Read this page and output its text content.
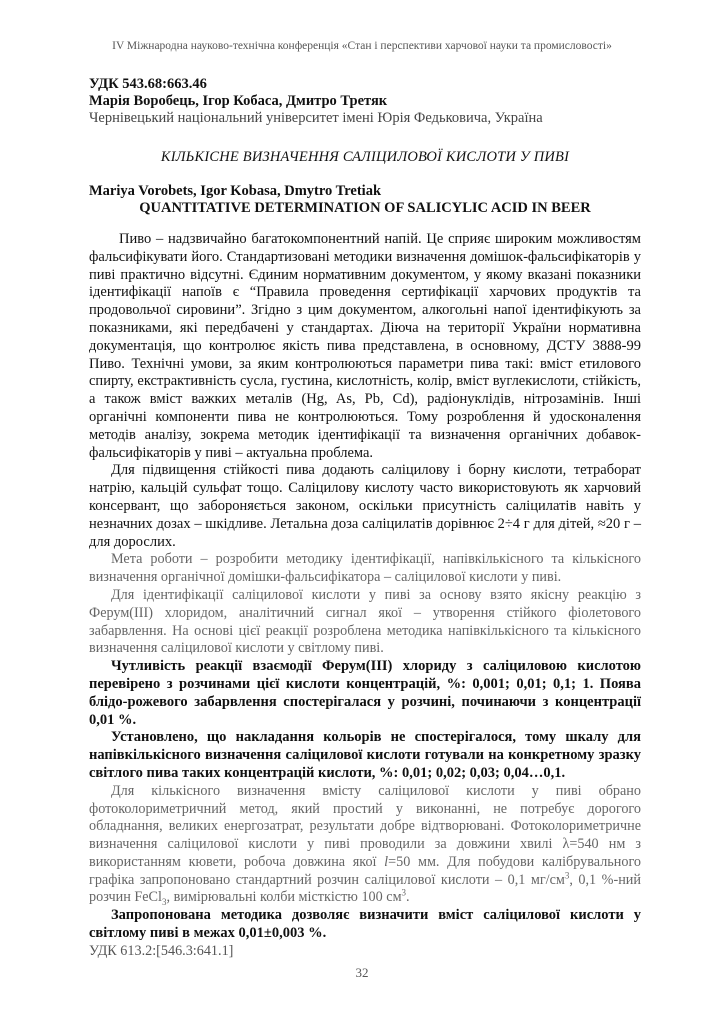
IV Міжнародна науково-технічна конференція «Стан і перспективи харчової науки та промисловості»
УДК 543.68:663.46
Марія Воробець, Ігор Кобаса, Дмитро Третяк
Чернівецький національний університет імені Юрія Федьковича, Україна
КІЛЬКІСНЕ ВИЗНАЧЕННЯ САЛІЦИЛОВОЇ КИСЛОТИ У ПИВІ
Mariya Vorobets, Igor Kobasa, Dmytro Tretiak
QUANTITATIVE DETERMINATION OF SALICYLIC ACID IN BEER

Пиво – надзвичайно багатокомпонентний напій. Це сприяє широким можливостям фальсифікувати його. Стандартизовані методики визначення домішок-фальсифікаторів у пиві практично відсутні. Єдиним нормативним документом, у якому вказані показники ідентифікації напоїв є “Правила проведення сертифікації харчових продуктів та продовольчої сировини”. Згідно з цим документом, алкогольні напої ідентифікують за показниками, які передбачені у стандартах. Діюча на території України нормативна документація, що контролює якість пива представлена, в основному, ДСТУ 3888-99 Пиво. Технічні умови, за яким контролюються параметри пива такі: вміст етилового спирту, екстрактивність сусла, густина, кислотність, колір, вміст вуглекислоти, стійкість, а також вміст важких металів (Hg, As, Pb, Cd), радіонуклідів, нітрозамінів. Інші органічні компоненти пива не контролюються. Тому розроблення й удосконалення методів аналізу, зокрема методик ідентифікації та визначення органічних добавок-фальсифікаторів у пиві – актуальна проблема.

Для підвищення стійкості пива додають саліцилову і борну кислоти, тетраборат натрію, кальцій сульфат тощо. Саліцилову кислоту часто використовують як харчовий консервант, що забороняється законом, оскільки присутність саліцилатів навіть у незначних дозах – шкідливе. Летальна доза саліцилатів дорівнює 2÷4 г для дітей, ≈20 г – для дорослих.

Мета роботи – розробити методику ідентифікації, напівкількісного та кількісного визначення органічної домішки-фальсифікатора – саліцилової кислоти у пиві.

Для ідентифікації саліцилової кислоти у пиві за основу взято якісну реакцію з Ферум(III) хлоридом, аналітичний сигнал якої – утворення стійкого фіолетового забарвлення. На основі цієї реакції розроблена методика напівкількісного та кількісного визначення саліцилової кислоти у світлому пиві.

Чутливість реакції взаємодії Ферум(III) хлориду з саліциловою кислотою перевірено з розчинами цієї кислоти концентрацій, %: 0,001; 0,01; 0,1; 1. Поява блідо-рожевого забарвлення спостерігалася у розчині, починаючи з концентрації 0,01 %.

Установлено, що накладання кольорів не спостерігалося, тому шкалу для напівкількісного визначення саліцилової кислоти готували на конкретному зразку світлого пива таких концентрацій кислоти, %: 0,01; 0,02; 0,03; 0,04…0,1.

Для кількісного визначення вмісту саліцилової кислоти у пиві обрано фотоколориметричний метод, який простий у виконанні, не потребує дорогого обладнання, великих енергозатрат, результати добре відтворювані. Фотоколориметричне визначення саліцилової кислоти у пиві проводили за довжини хвилі λ=540 нм з використанням кювети, робоча довжина якої l=50 мм. Для побудови калібрувального графіка запропоновано стандартний розчин саліцилової кислоти – 0,1 $мг/см^3$, 0,1 %-ний розчин FeCl$_3$, вимірювальні колби місткістю 100 $см^3$.

Запропонована методика дозволяє визначити вміст саліцилової кислоти у світлому пиві в межах 0,01±0,003 %.

УДК 613.2:[546.3:641.1]
32
